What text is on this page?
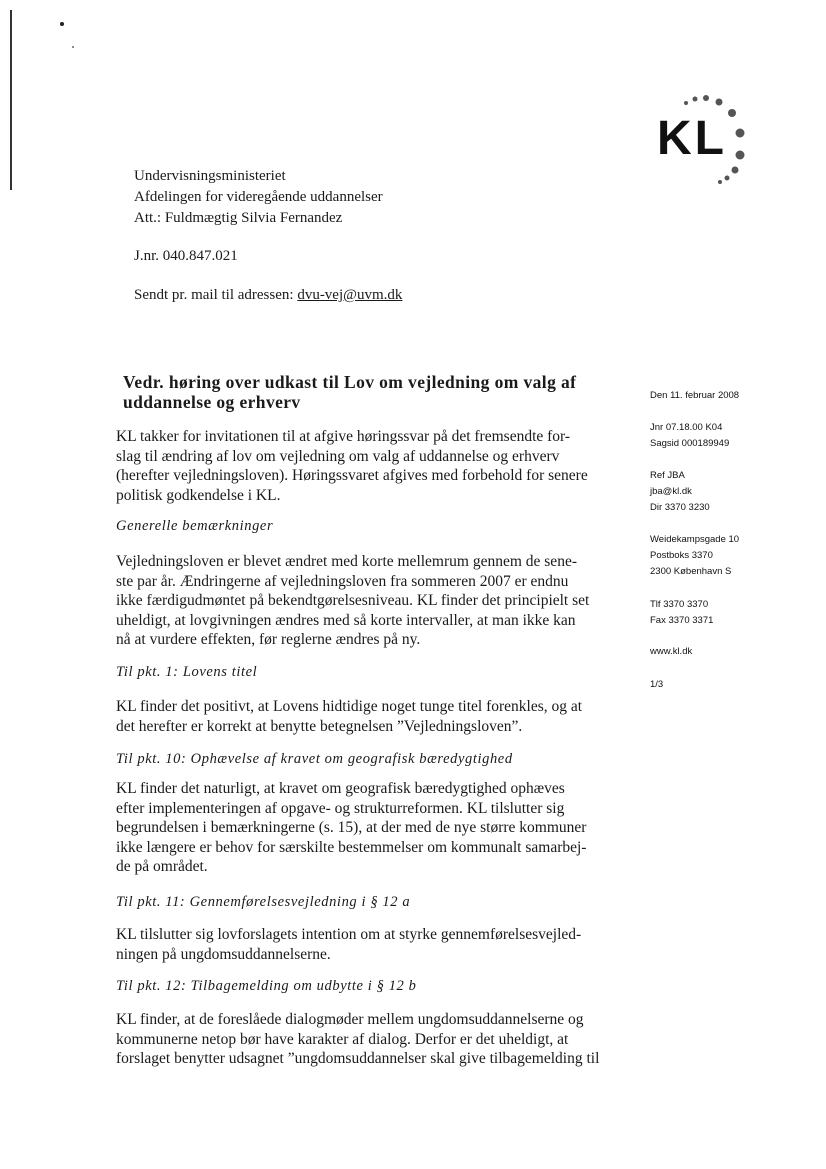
KL
Undervisningsministeriet
Afdelingen for videregående uddannelser
Att.: Fuldmægtig Silvia Fernandez
J.nr. 040.847.021
Sendt pr. mail til adressen: dvu-vej@uvm.dk
Vedr. høring over udkast til Lov om vejledning om valg af uddannelse og erhverv	Den 11. februar 2008
Jnr 07.18.00 K04
Sagsid 000189949
Ref JBA
jba@kl.dk
Dir 3370 3230
Weidekampsgade 10
Postboks 3370
2300 København S
Tlf 3370 3370
Fax 3370 3371
www.kl.dk
1/3
KL takker for invitationen til at afgive høringssvar på det fremsendte for-
slag til ændring af lov om vejledning om valg af uddannelse og erhverv
(herefter vejledningsloven). Høringssvaret afgives med forbehold for senere
politisk godkendelse i KL.
Generelle bemærkninger
Vejledningsloven er blevet ændret med korte mellemrum gennem de sene-
ste par år. Ændringerne af vejledningsloven fra sommeren 2007 er endnu
ikke færdigudmøntet på bekendtgørelsesniveau. KL finder det principielt set
uheldigt, at lovgivningen ændres med så korte intervaller, at man ikke kan
nå at vurdere effekten, før reglerne ændres på ny.
Til pkt. 1: Lovens titel
KL finder det positivt, at Lovens hidtidige noget tunge titel forenkles, og at
det herefter er korrekt at benytte betegnelsen ”Vejledningsloven”.
Til pkt. 10: Ophævelse af kravet om geografisk bæredygtighed
KL finder det naturligt, at kravet om geografisk bæredygtighed ophæves
efter implementeringen af opgave- og strukturreformen. KL tilslutter sig
begrundelsen i bemærkningerne (s. 15), at der med de nye større kommuner
ikke længere er behov for særskilte bestemmelser om kommunalt samarbej-
de på området.
Til pkt. 11: Gennemførelsesvejledning i § 12 a
KL tilslutter sig lovforslagets intention om at styrke gennemførelsesvejled-
ningen på ungdomsuddannelserne.
Til pkt. 12: Tilbagemelding om udbytte i § 12 b
KL finder, at de foreslåede dialogmøder mellem ungdomsuddannelserne og
kommunerne netop bør have karakter af dialog. Derfor er det uheldigt, at
forslaget benytter udsagnet ”ungdomsuddannelser skal give tilbagemelding til
